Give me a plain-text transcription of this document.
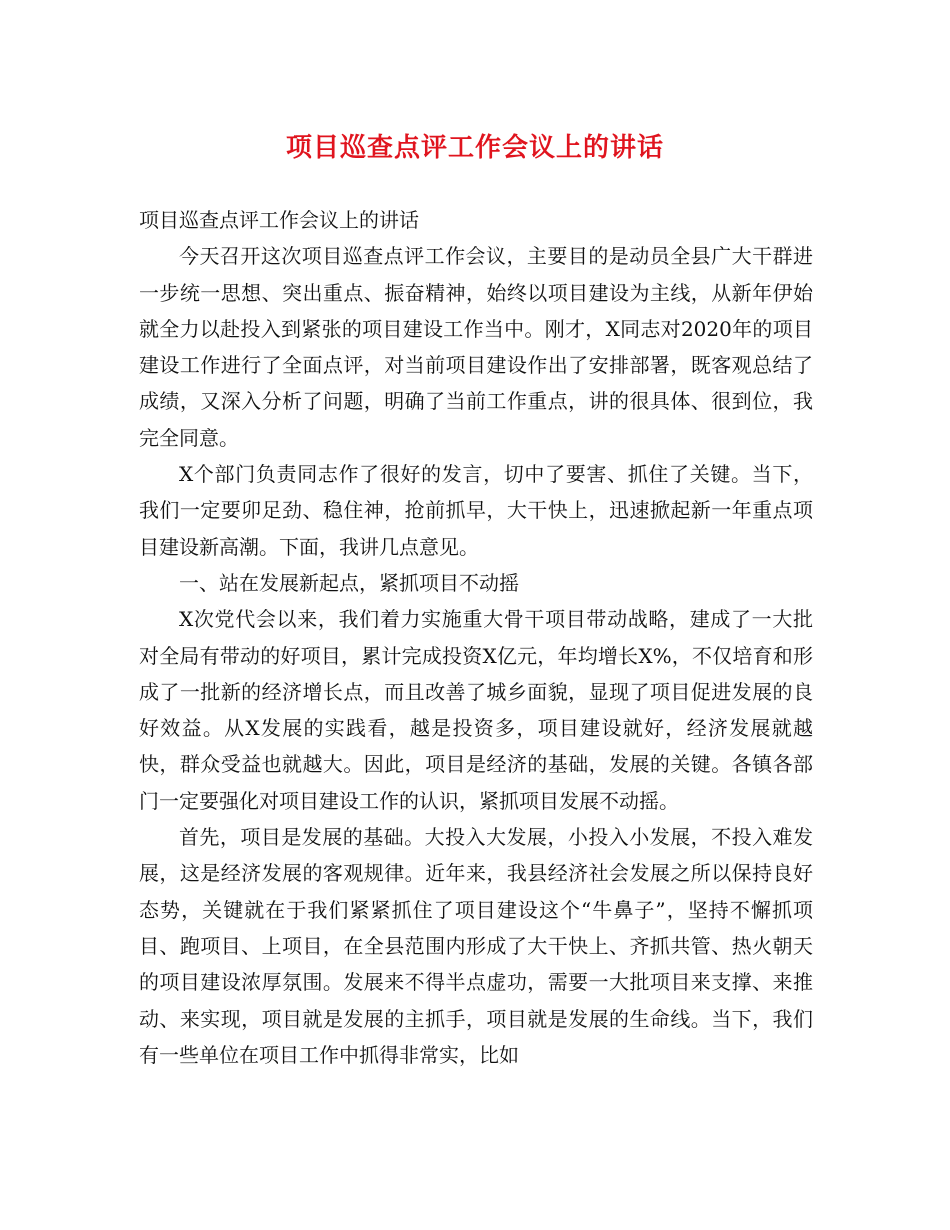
项目巡查点评工作会议上的讲话

项目巡查点评工作会议上的讲话

今天召开这次项目巡查点评工作会议，主要目的是动员全县广大干群进一步统一思想、突出重点、振奋精神，始终以项目建设为主线，从新年伊始就全力以赴投入到紧张的项目建设工作当中。刚才，X同志对2020年的项目建设工作进行了全面点评，对当前项目建设作出了安排部署，既客观总结了成绩，又深入分析了问题，明确了当前工作重点，讲的很具体、很到位，我完全同意。

X个部门负责同志作了很好的发言，切中了要害、抓住了关键。当下，我们一定要卯足劲、稳住神，抢前抓早，大干快上，迅速掀起新一年重点项目建设新高潮。下面，我讲几点意见。

一、站在发展新起点，紧抓项目不动摇

X次党代会以来，我们着力实施重大骨干项目带动战略，建成了一大批对全局有带动的好项目，累计完成投资X亿元，年均增长X%，不仅培育和形成了一批新的经济增长点，而且改善了城乡面貌，显现了项目促进发展的良好效益。从X发展的实践看，越是投资多，项目建设就好，经济发展就越快，群众受益也就越大。因此，项目是经济的基础，发展的关键。各镇各部门一定要强化对项目建设工作的认识，紧抓项目发展不动摇。

首先，项目是发展的基础。大投入大发展，小投入小发展，不投入难发展，这是经济发展的客观规律。近年来，我县经济社会发展之所以保持良好态势，关键就在于我们紧紧抓住了项目建设这个“牛鼻子”，坚持不懈抓项目、跑项目、上项目，在全县范围内形成了大干快上、齐抓共管、热火朝天的项目建设浓厚氛围。发展来不得半点虚功，需要一大批项目来支撑、来推动、来实现，项目就是发展的主抓手，项目就是发展的生命线。当下，我们有一些单位在项目工作中抓得非常实，比如
